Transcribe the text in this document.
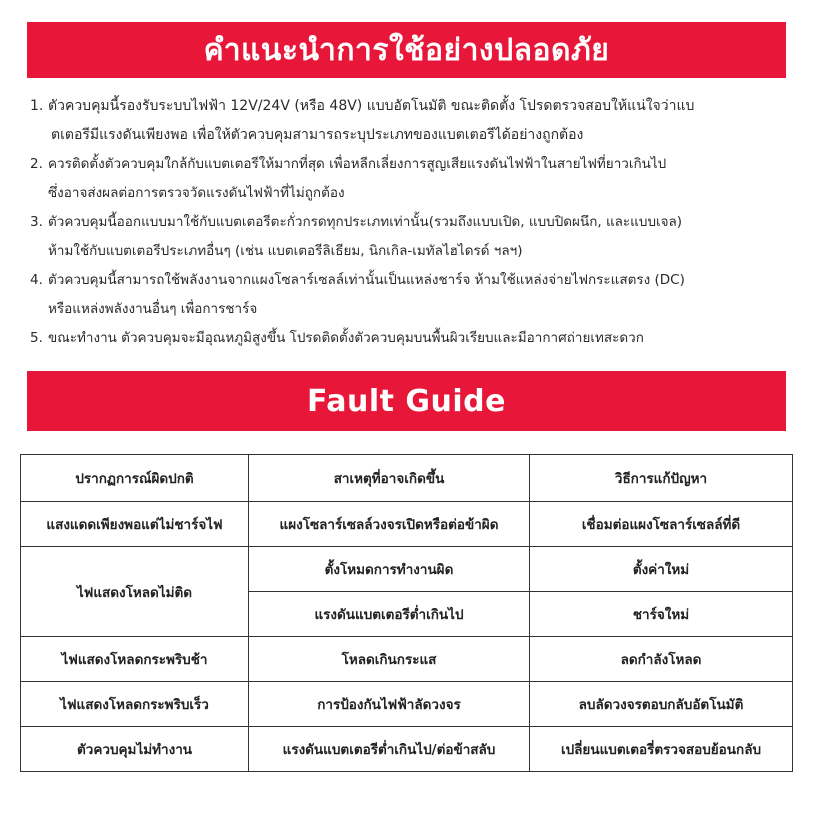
คำแนะนำการใช้อย่างปลอดภัย
1. ตัวควบคุมนี้รองรับระบบไฟฟ้า 12V/24V (หรือ 48V) แบบอัตโนมัติ ขณะติดตั้ง โปรดตรวจสอบให้แน่ใจว่าแบ
ตเตอรีมีแรงดันเพียงพอ เพื่อให้ตัวควบคุมสามารถระบุประเภทของแบตเตอรีได้อย่างถูกต้อง
2. ควรติดตั้งตัวควบคุมใกล้กับแบตเตอรีให้มากที่สุด เพื่อหลีกเลี่ยงการสูญเสียแรงดันไฟฟ้าในสายไฟที่ยาวเกินไป
ซึ่งอาจส่งผลต่อการตรวจวัดแรงดันไฟฟ้าที่ไม่ถูกต้อง
3. ตัวควบคุมนี้ออกแบบมาใช้กับแบตเตอรีตะกั่วกรดทุกประเภทเท่านั้น(รวมถึงแบบเปิด, แบบปิดผนึก, และแบบเจล)
ห้ามใช้กับแบตเตอรีประเภทอื่นๆ (เช่น แบตเตอรีลิเธียม, นิกเกิล-เมทัลไฮไดรด์ ฯลฯ)
4. ตัวควบคุมนี้สามารถใช้พลังงานจากแผงโซลาร์เซลล์เท่านั้นเป็นแหล่งชาร์จ ห้ามใช้แหล่งจ่ายไฟกระแสตรง (DC)
หรือแหล่งพลังงานอื่นๆ เพื่อการชาร์จ
5. ขณะทำงาน ตัวควบคุมจะมีอุณหภูมิสูงขึ้น โปรดติดตั้งตัวควบคุมบนพื้นผิวเรียบและมีอากาศถ่ายเทสะดวก
Fault Guide
ปรากฏการณ์ผิดปกติ	สาเหตุที่อาจเกิดขึ้น	วิธีการแก้ปัญหา
แสงแดดเพียงพอแต่ไม่ชาร์จไฟ	แผงโซลาร์เซลล์วงจรเปิดหรือต่อข้าผิด	เชื่อมต่อแผงโซลาร์เซลล์ที่ดี
ไฟแสดงโหลดไม่ติด	ตั้งโหมดการทำงานผิด	ตั้งค่าใหม่
	แรงดันแบตเตอรีต่ำเกินไป	ชาร์จใหม่
ไฟแสดงโหลดกระพริบช้า	โหลดเกินกระแส	ลดกำลังโหลด
ไฟแสดงโหลดกระพริบเร็ว	การป้องกันไฟฟ้าลัดวงจร	ลบลัดวงจรตอบกลับอัตโนมัติ
ตัวควบคุมไม่ทำงาน	แรงดันแบตเตอรีต่ำเกินไป/ต่อข้าสลับ	เปลี่ยนแบตเตอรี่ตรวจสอบย้อนกลับ
